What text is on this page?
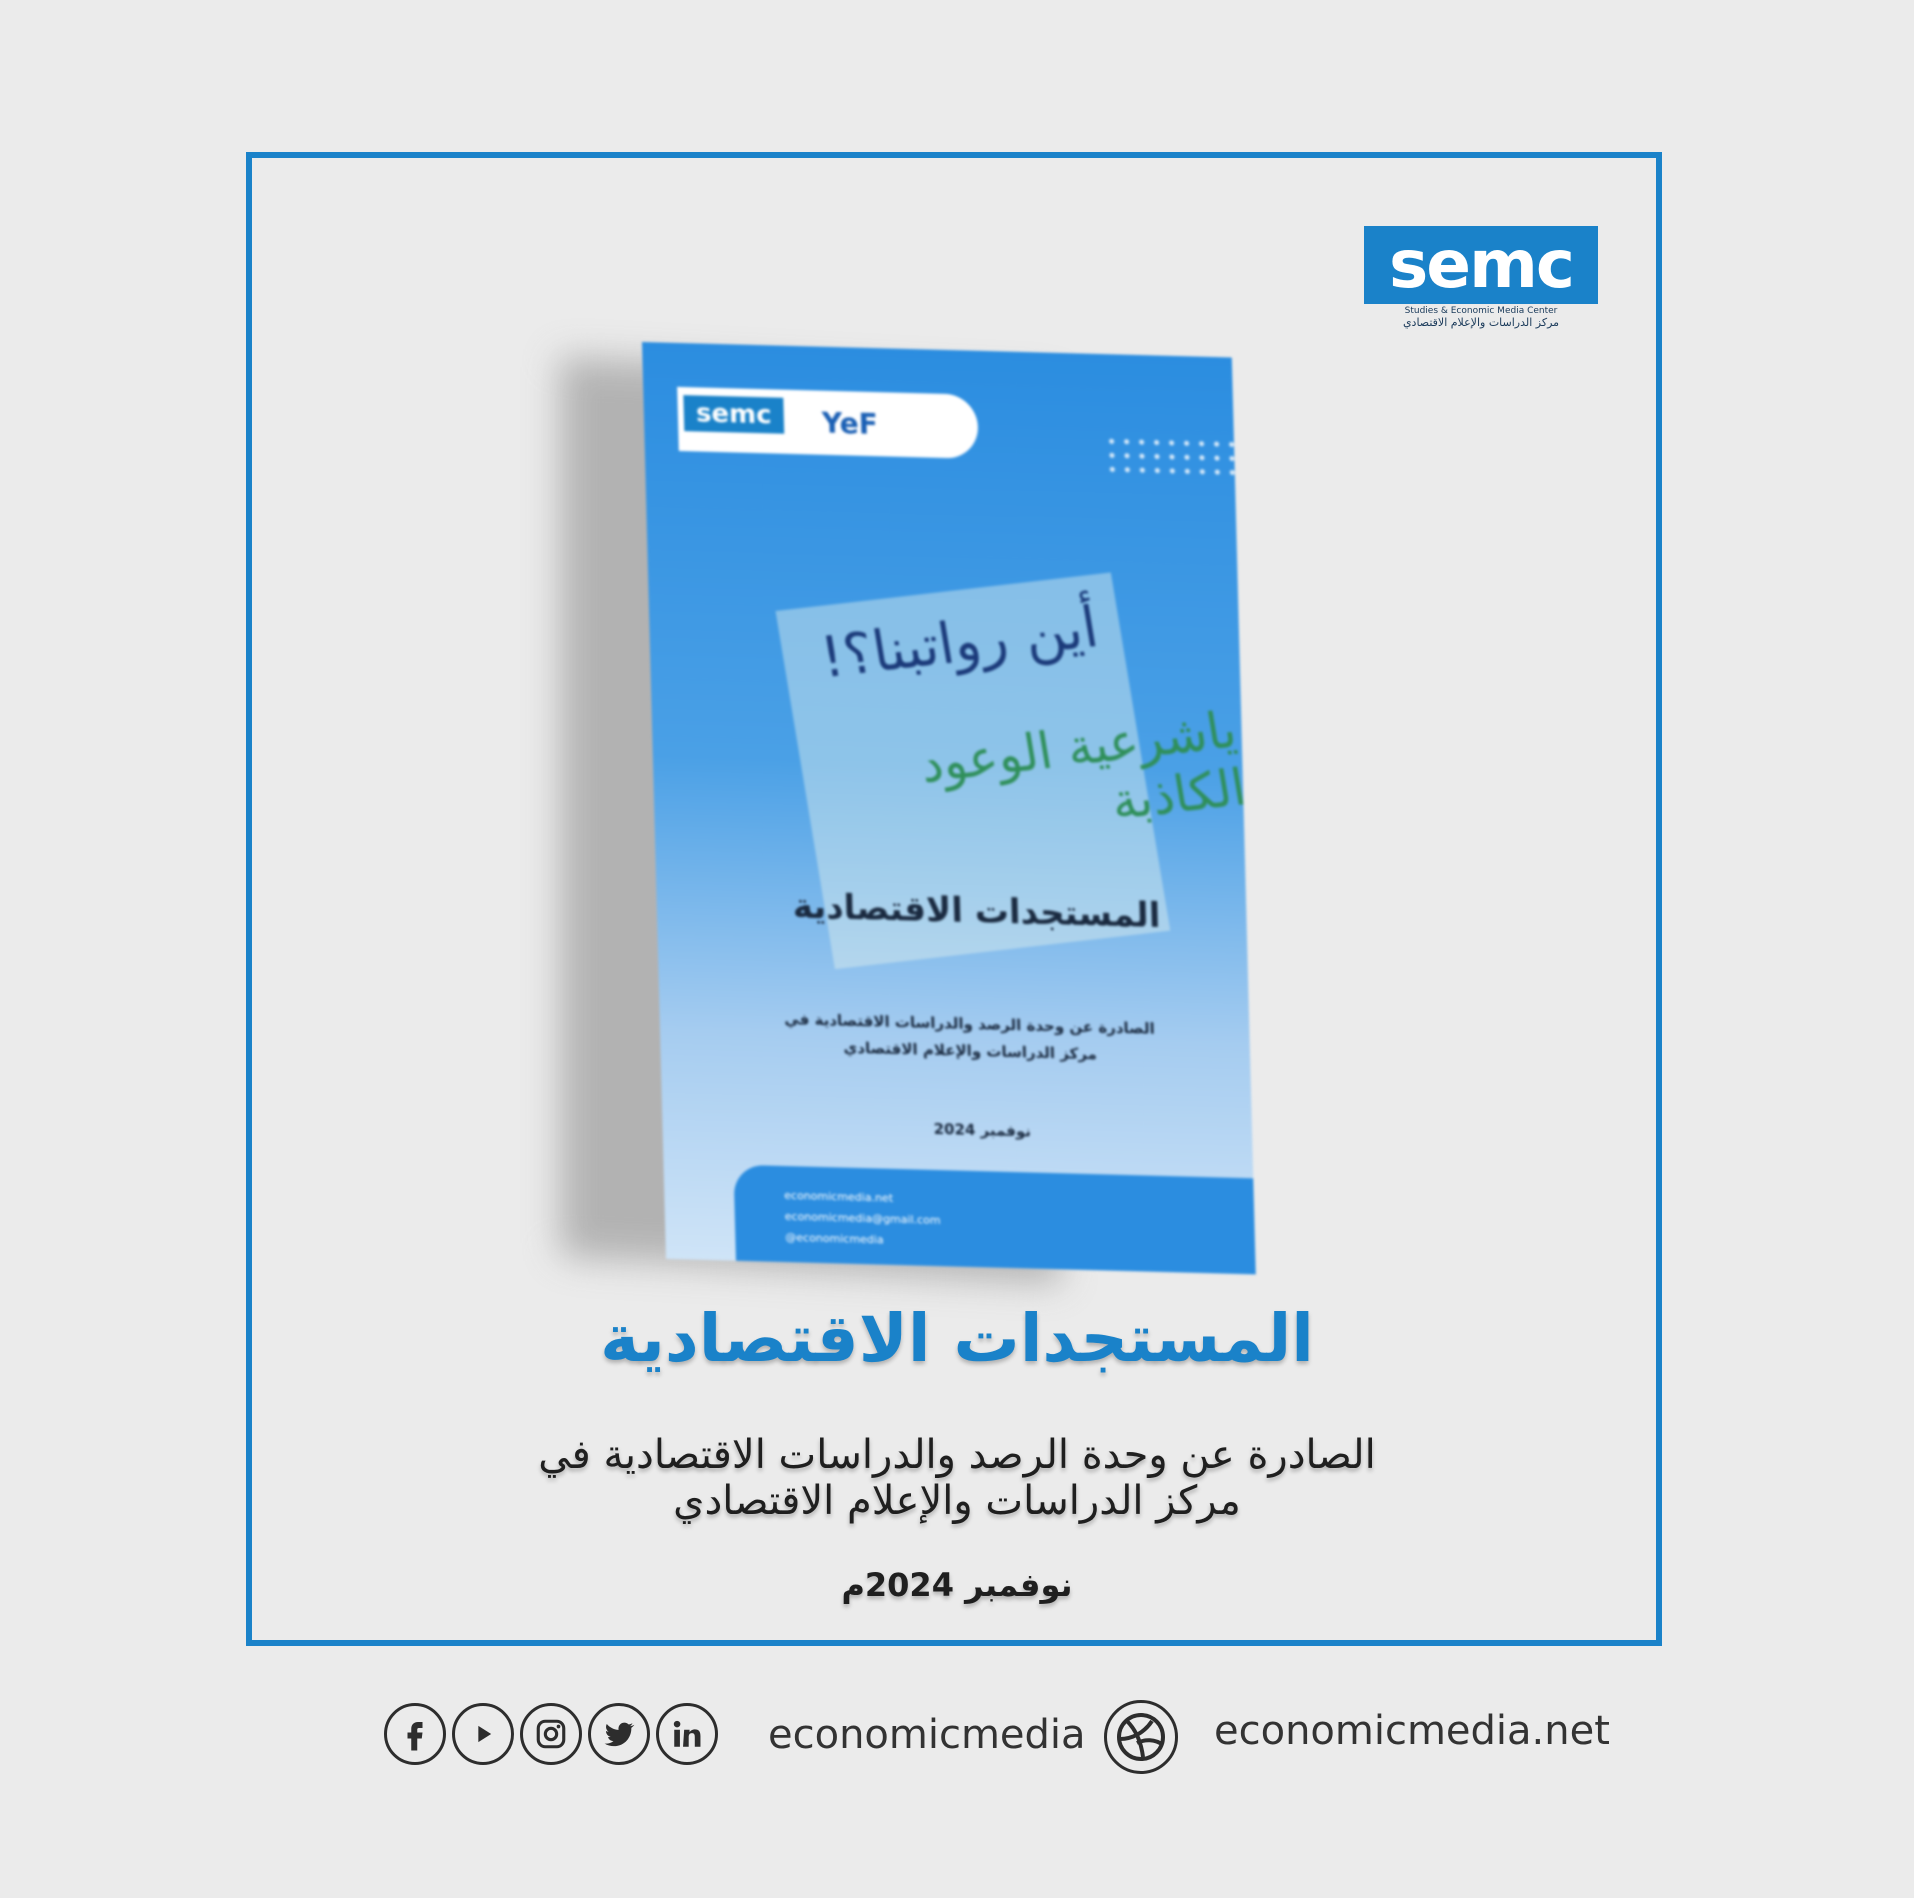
semc
Studies & Economic Media Center
مركز الدراسات والإعلام الاقتصادي
semc	YeF
أين رواتبنا؟!
ياشرعية الوعود الكاذبة
المستجدات الاقتصادية
الصادرة عن وحدة الرصد والدراسات الاقتصادية في
مركز الدراسات والإعلام الاقتصادي
نوفمبر 2024
economicmedia.net
economicmedia@gmail.com
@economicmedia
المستجدات الاقتصادية
الصادرة عن وحدة الرصد والدراسات الاقتصادية في
مركز الدراسات والإعلام الاقتصادي
نوفمبر 2024م
economicmedia	economicmedia.net
